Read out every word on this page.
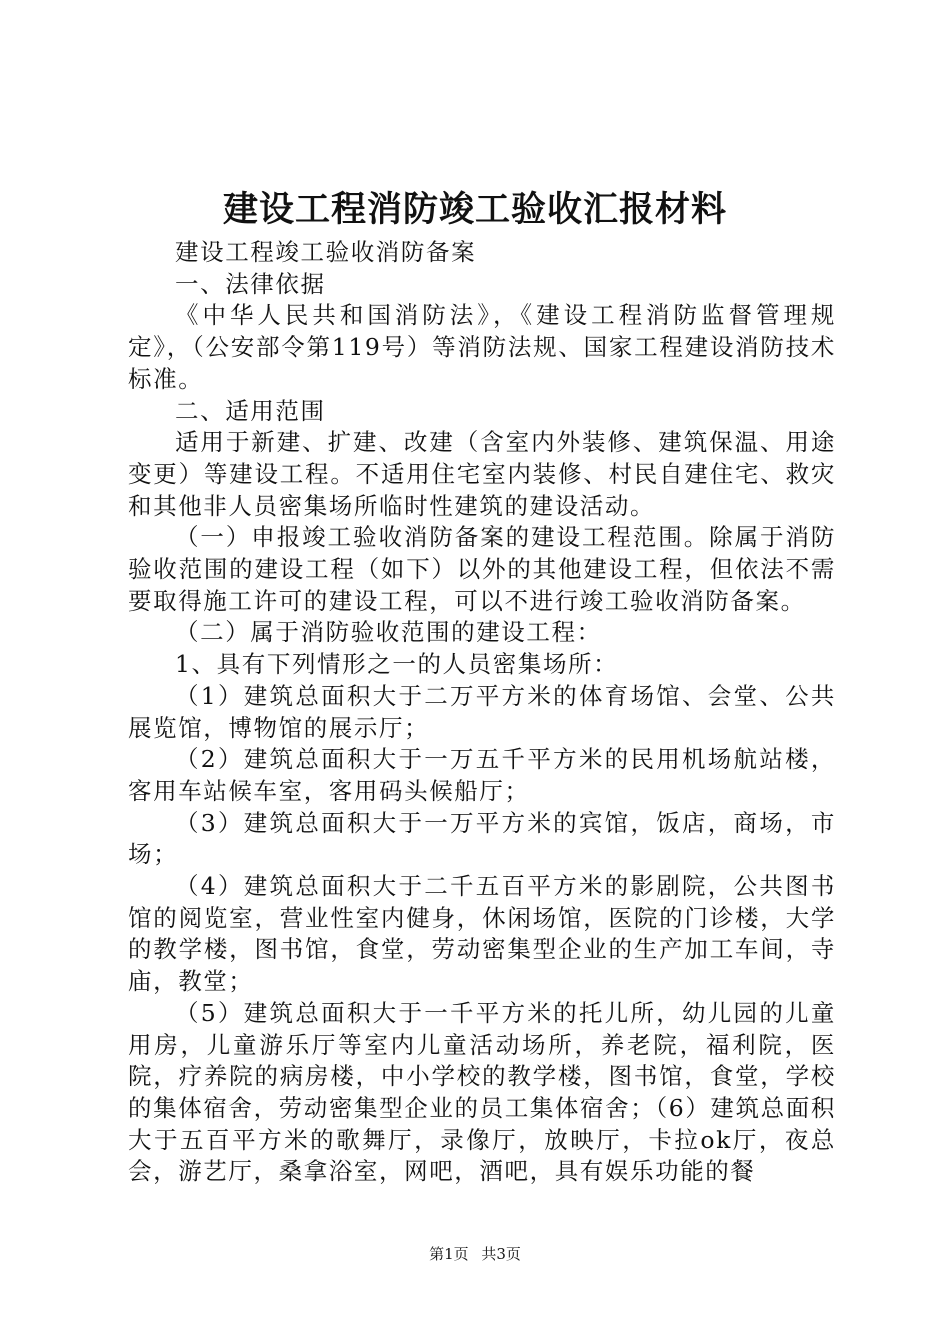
建设工程消防竣工验收汇报材料

建设工程竣工验收消防备案

一、法律依据

《中华人民共和国消防法》，《建设工程消防监督管理规定》，（公安部令第119号）等消防法规、国家工程建设消防技术标准。

二、适用范围

适用于新建、扩建、改建（含室内外装修、建筑保温、用途变更）等建设工程。不适用住宅室内装修、村民自建住宅、救灾和其他非人员密集场所临时性建筑的建设活动。

（一）申报竣工验收消防备案的建设工程范围。除属于消防验收范围的建设工程（如下）以外的其他建设工程，但依法不需要取得施工许可的建设工程，可以不进行竣工验收消防备案。

（二）属于消防验收范围的建设工程：

1、具有下列情形之一的人员密集场所：

（1）建筑总面积大于二万平方米的体育场馆、会堂、公共展览馆，博物馆的展示厅；

（2）建筑总面积大于一万五千平方米的民用机场航站楼，客用车站候车室，客用码头候船厅；

（3）建筑总面积大于一万平方米的宾馆，饭店，商场，市场；

（4）建筑总面积大于二千五百平方米的影剧院，公共图书馆的阅览室，营业性室内健身，休闲场馆，医院的门诊楼，大学的教学楼，图书馆，食堂，劳动密集型企业的生产加工车间，寺庙，教堂；

（5）建筑总面积大于一千平方米的托儿所，幼儿园的儿童用房，儿童游乐厅等室内儿童活动场所，养老院，福利院，医院，疗养院的病房楼，中小学校的教学楼，图书馆，食堂，学校的集体宿舍，劳动密集型企业的员工集体宿舍；（6）建筑总面积大于五百平方米的歌舞厅，录像厅，放映厅，卡拉ok厅，夜总会，游艺厅，桑拿浴室，网吧，酒吧，具有娱乐功能的餐

第1页 共3页
